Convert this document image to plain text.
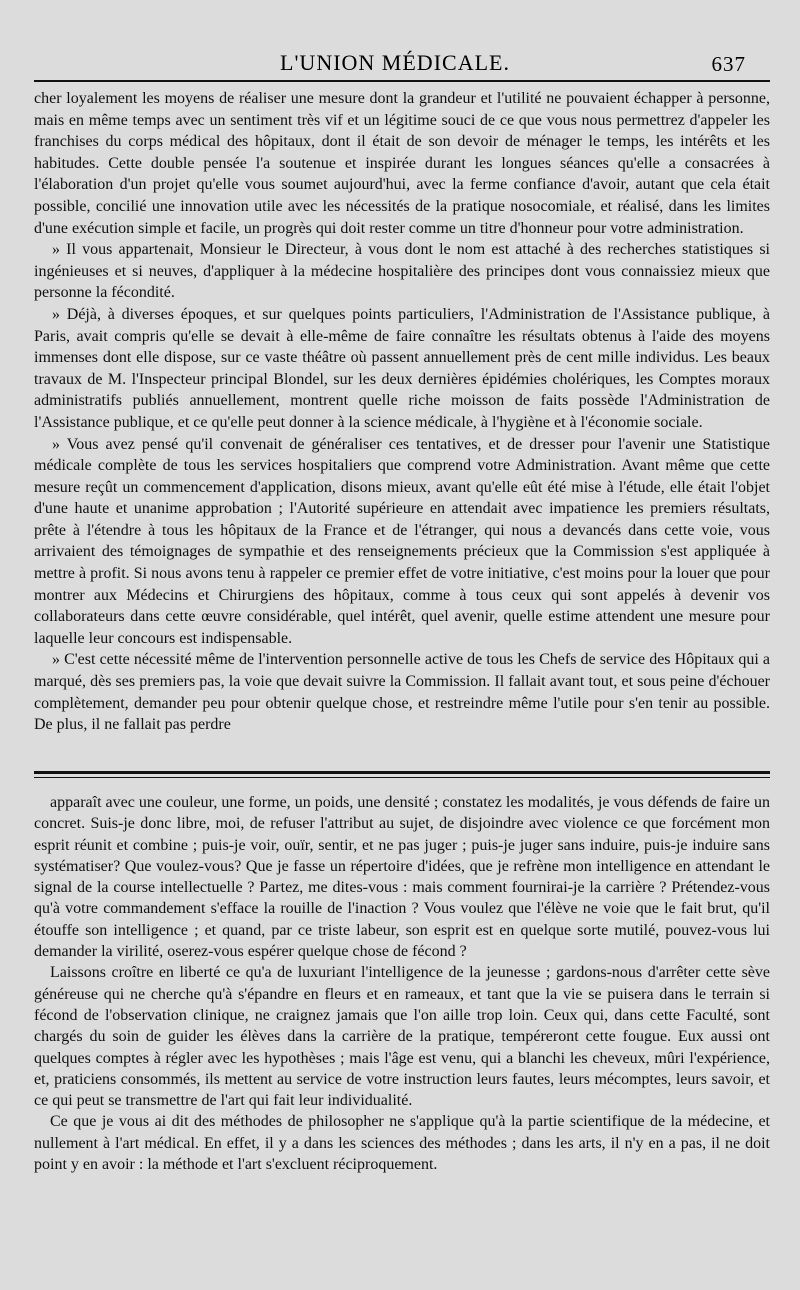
L'UNION MÉDICALE.	637

cher loyalement les moyens de réaliser une mesure dont la grandeur et l'utilité ne pouvaient échapper à personne, mais en même temps avec un sentiment très vif et un légitime souci de ce que vous nous permettrez d'appeler les franchises du corps médical des hôpitaux, dont il était de son devoir de ménager le temps, les intérêts et les habitudes. Cette double pensée l'a soutenue et inspirée durant les longues séances qu'elle a consacrées à l'élaboration d'un projet qu'elle vous soumet aujourd'hui, avec la ferme confiance d'avoir, autant que cela était possible, concilié une innovation utile avec les nécessités de la pratique nosocomiale, et réalisé, dans les limites d'une exécution simple et facile, un progrès qui doit rester comme un titre d'honneur pour votre administration.

» Il vous appartenait, Monsieur le Directeur, à vous dont le nom est attaché à des recherches statistiques si ingénieuses et si neuves, d'appliquer à la médecine hospitalière des principes dont vous connaissiez mieux que personne la fécondité.

» Déjà, à diverses époques, et sur quelques points particuliers, l'Administration de l'Assistance publique, à Paris, avait compris qu'elle se devait à elle-même de faire connaître les résultats obtenus à l'aide des moyens immenses dont elle dispose, sur ce vaste théâtre où passent annuellement près de cent mille individus. Les beaux travaux de M. l'Inspecteur principal Blondel, sur les deux dernières épidémies cholériques, les Comptes moraux administratifs publiés annuellement, montrent quelle riche moisson de faits possède l'Administration de l'Assistance publique, et ce qu'elle peut donner à la science médicale, à l'hygiène et à l'économie sociale.

» Vous avez pensé qu'il convenait de généraliser ces tentatives, et de dresser pour l'avenir une Statistique médicale complète de tous les services hospitaliers que comprend votre Administration. Avant même que cette mesure reçût un commencement d'application, disons mieux, avant qu'elle eût été mise à l'étude, elle était l'objet d'une haute et unanime approbation ; l'Autorité supérieure en attendait avec impatience les premiers résultats, prête à l'étendre à tous les hôpitaux de la France et de l'étranger, qui nous a devancés dans cette voie, vous arrivaient des témoignages de sympathie et des renseignements précieux que la Commission s'est appliquée à mettre à profit. Si nous avons tenu à rappeler ce premier effet de votre initiative, c'est moins pour la louer que pour montrer aux Médecins et Chirurgiens des hôpitaux, comme à tous ceux qui sont appelés à devenir vos collaborateurs dans cette œuvre considérable, quel intérêt, quel avenir, quelle estime attendent une mesure pour laquelle leur concours est indispensable.

» C'est cette nécessité même de l'intervention personnelle active de tous les Chefs de service des Hôpitaux qui a marqué, dès ses premiers pas, la voie que devait suivre la Commission. Il fallait avant tout, et sous peine d'échouer complètement, demander peu pour obtenir quelque chose, et restreindre même l'utile pour s'en tenir au possible. De plus, il ne fallait pas perdre

apparaît avec une couleur, une forme, un poids, une densité ; constatez les modalités, je vous défends de faire un concret. Suis-je donc libre, moi, de refuser l'attribut au sujet, de disjoindre avec violence ce que forcément mon esprit réunit et combine ; puis-je voir, ouïr, sentir, et ne pas juger ; puis-je juger sans induire, puis-je induire sans systématiser? Que voulez-vous? Que je fasse un répertoire d'idées, que je refrène mon intelligence en attendant le signal de la course intellectuelle ? Partez, me dites-vous : mais comment fournirai-je la carrière ? Prétendez-vous qu'à votre commandement s'efface la rouille de l'inaction ? Vous voulez que l'élève ne voie que le fait brut, qu'il étouffe son intelligence ; et quand, par ce triste labeur, son esprit est en quelque sorte mutilé, pouvez-vous lui demander la virilité, oserez-vous espérer quelque chose de fécond ?

Laissons croître en liberté ce qu'a de luxuriant l'intelligence de la jeunesse ; gardons-nous d'arrêter cette sève généreuse qui ne cherche qu'à s'épandre en fleurs et en rameaux, et tant que la vie se puisera dans le terrain si fécond de l'observation clinique, ne craignez jamais que l'on aille trop loin. Ceux qui, dans cette Faculté, sont chargés du soin de guider les élèves dans la carrière de la pratique, tempéreront cette fougue. Eux aussi ont quelques comptes à régler avec les hypothèses ; mais l'âge est venu, qui a blanchi les cheveux, mûri l'expérience, et, praticiens consommés, ils mettent au service de votre instruction leurs fautes, leurs mécomptes, leurs savoir, et ce qui peut se transmettre de l'art qui fait leur individualité.

Ce que je vous ai dit des méthodes de philosopher ne s'applique qu'à la partie scientifique de la médecine, et nullement à l'art médical. En effet, il y a dans les sciences des méthodes ; dans les arts, il n'y en a pas, il ne doit point y en avoir : la méthode et l'art s'excluent réciproquement.
